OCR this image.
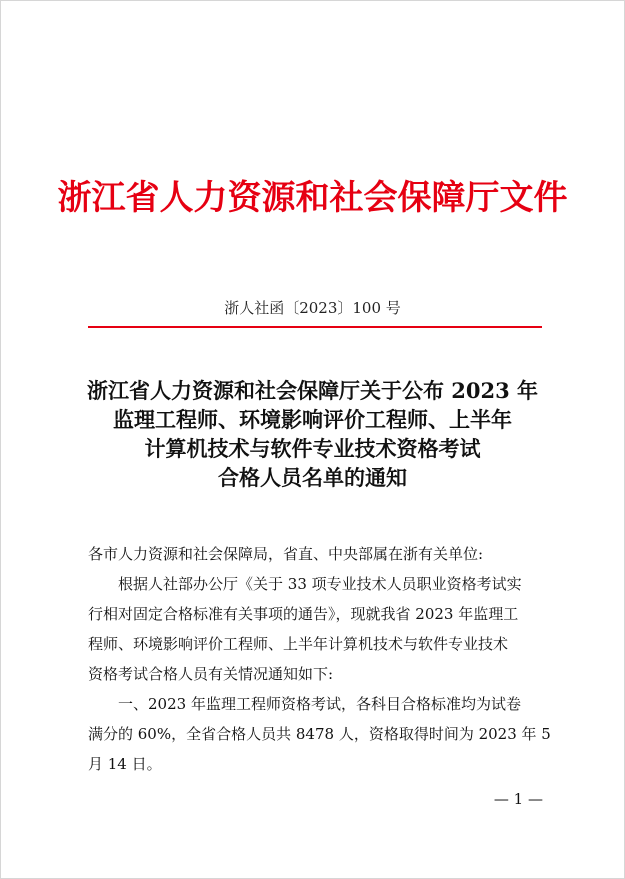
浙江省人力资源和社会保障厅文件
浙人社函〔2023〕100 号
浙江省人力资源和社会保障厅关于公布 2023 年
监理工程师、环境影响评价工程师、上半年
计算机技术与软件专业技术资格考试
合格人员名单的通知
各市人力资源和社会保障局，省直、中央部属在浙有关单位:
根据人社部办公厅《关于 33 项专业技术人员职业资格考试实
行相对固定合格标准有关事项的通告》，现就我省 2023 年监理工
程师、环境影响评价工程师、上半年计算机技术与软件专业技术
资格考试合格人员有关情况通知如下:
一、2023 年监理工程师资格考试，各科目合格标准均为试卷
满分的 60%，全省合格人员共 8478 人，资格取得时间为 2023 年 5
月 14 日。
— 1 —
